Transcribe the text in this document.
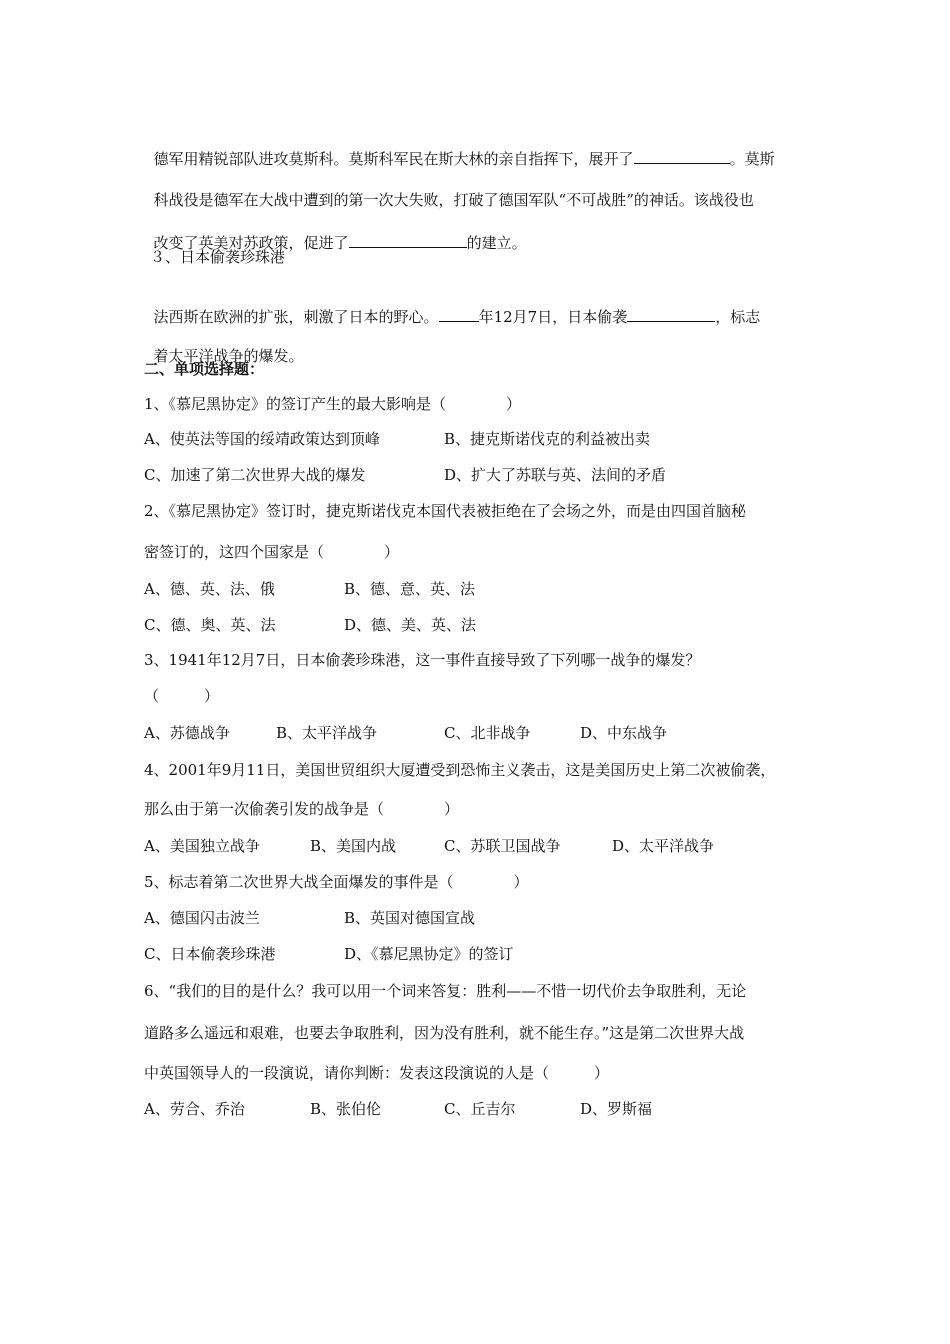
德军用精锐部队进攻莫斯科。莫斯科军民在斯大林的亲自指挥下，展开了	。莫斯

科战役是德军在大战中遭到的第一次大失败，打破了德国军队“不可战胜”的神话。该战役也

改变了英美对苏政策，促进了	的建立。

３、日本偷袭珍珠港

法西斯在欧洲的扩张，刺激了日本的野心。	年12月7日，日本偷袭	，标志

着太平洋战争的爆发。

二、单项选择题：
1、《慕尼黑协定》的签订产生的最大影响是（　　　　）
A、使英法等国的绥靖政策达到顶峰	B、捷克斯诺伐克的利益被出卖
C、加速了第二次世界大战的爆发	D、扩大了苏联与英、法间的矛盾
2、《慕尼黑协定》签订时，捷克斯诺伐克本国代表被拒绝在了会场之外，而是由四国首脑秘
密签订的，这四个国家是（　　　　）
A、德、英、法、俄	B、德、意、英、法
C、德、奥、英、法	D、德、美、英、法
3、1941年12月7日，日本偷袭珍珠港，这一事件直接导致了下列哪一战争的爆发？
（　　　）
A、苏德战争	B、太平洋战争	C、北非战争	D、中东战争
4、2001年9月11日，美国世贸组织大厦遭受到恐怖主义袭击，这是美国历史上第二次被偷袭，
那么由于第一次偷袭引发的战争是（　　　　）
A、美国独立战争	B、美国内战	C、苏联卫国战争	D、太平洋战争
5、标志着第二次世界大战全面爆发的事件是（　　　　）
A、德国闪击波兰	B、英国对德国宣战
C、日本偷袭珍珠港	D、《慕尼黑协定》的签订
6、“我们的目的是什么？我可以用一个词来答复：胜利——不惜一切代价去争取胜利，无论
道路多么遥远和艰难，也要去争取胜利，因为没有胜利，就不能生存。”这是第二次世界大战
中英国领导人的一段演说，请你判断：发表这段演说的人是（　　　）
A、劳合、乔治	B、张伯伦	C、丘吉尔	D、罗斯福
